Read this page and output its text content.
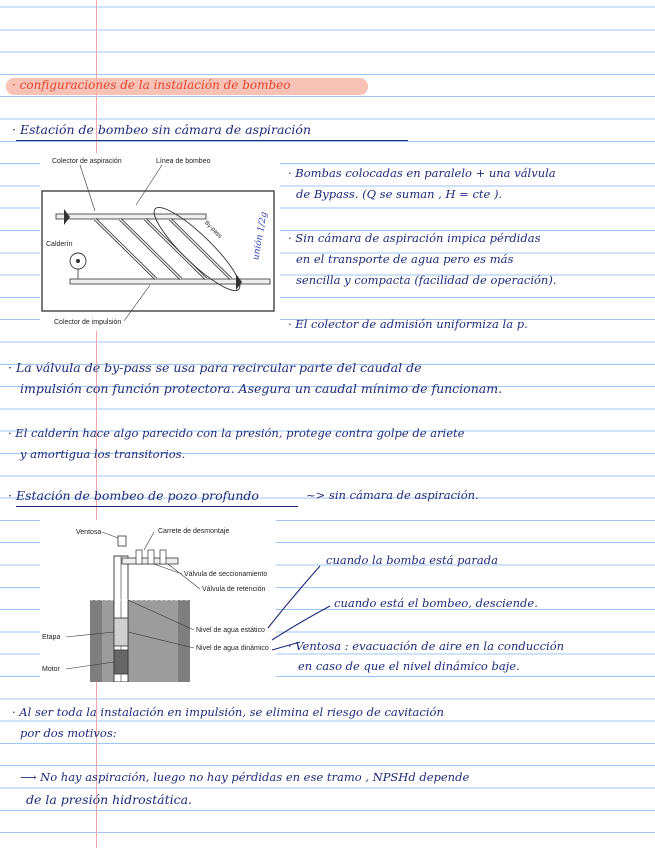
· configuraciones de la instalación de bombeo
· Estación de bombeo sin cámara de aspiración
Colector de aspiración	Línea de bombeo
Calderín
By-pass
Colector de impulsión
unión 1/2g
· Bombas colocadas en paralelo + una válvula
de Bypass. (Q se suman , H = cte ).
· Sin cámara de aspiración impica pérdidas
en el transporte de agua pero es más
sencilla y compacta (facilidad de operación).
· El colector de admisión uniformiza la p.
· La válvula de by-pass se usa para recircular parte del caudal de
impulsión con función protectora. Asegura un caudal mínimo de funcionam.
· El calderín hace algo parecido con la presión, protege contra golpe de ariete
y amortigua los transitorios.
· Estación de bombeo de pozo profundo	~> sin cámara de aspiración.
Ventosa	Carrete de desmontaje
Válvula de seccionamiento
Válvula de retención
Nivel de agua estático
Nivel de agua dinámico
Etapa
Motor
cuando la bomba está parada
cuando está el bombeo, desciende.
· Ventosa : evacuación de aire en la conducción
en caso de que el nivel dinámico baje.
· Al ser toda la instalación en impulsión, se elimina el riesgo de cavitación
por dos motivos:
⟶ No hay aspiración, luego no hay pérdidas en ese tramo , NPSHd depende
de la presión hidrostática.
